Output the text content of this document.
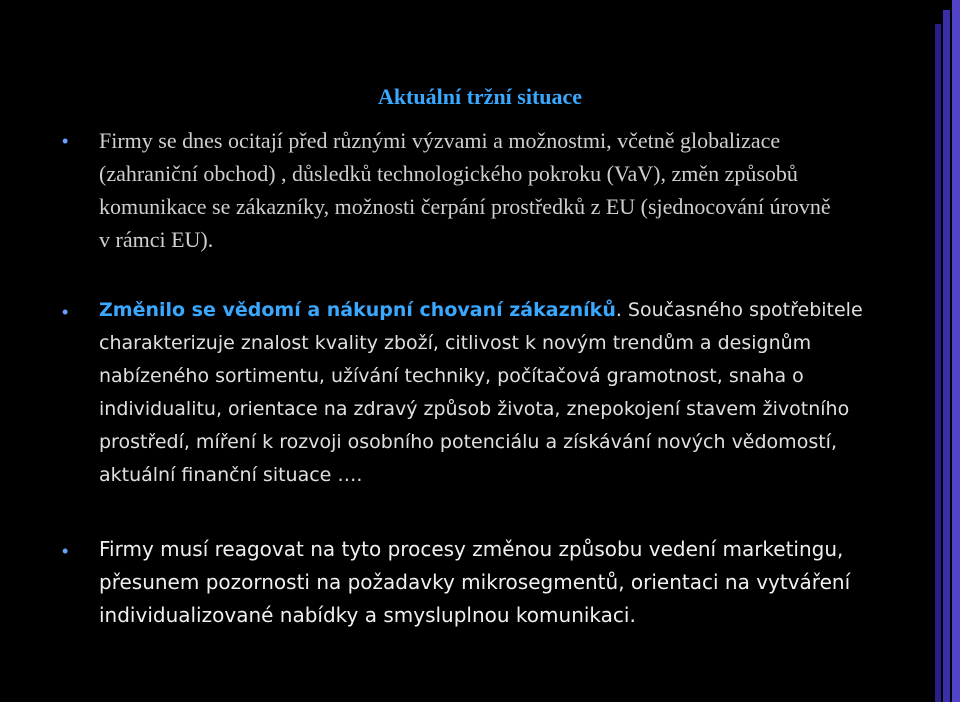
Aktuální tržní situace
•	Firmy se dnes ocitají před různými výzvami a možnostmi, včetně globalizace (zahraniční obchod) , důsledků technologického pokroku (VaV), změn způsobů komunikace se zákazníky, možnosti čerpání prostředků z EU (sjednocování úrovně v rámci EU).
•	Změnilo se vědomí a nákupní chovaní zákazníků. Současného spotřebitele charakterizuje znalost kvality zboží, citlivost k novým trendům a designům nabízeného sortimentu, užívání techniky, počítačová gramotnost, snaha o individualitu, orientace na zdravý způsob života, znepokojení stavem životního prostředí, míření k rozvoji osobního potenciálu a získávání nových vědomostí, aktuální finanční situace ….
•	Firmy musí reagovat na tyto procesy změnou způsobu vedení marketingu, přesunem pozornosti na požadavky mikrosegmentů, orientaci na vytváření individualizované nabídky a smysluplnou komunikaci.
